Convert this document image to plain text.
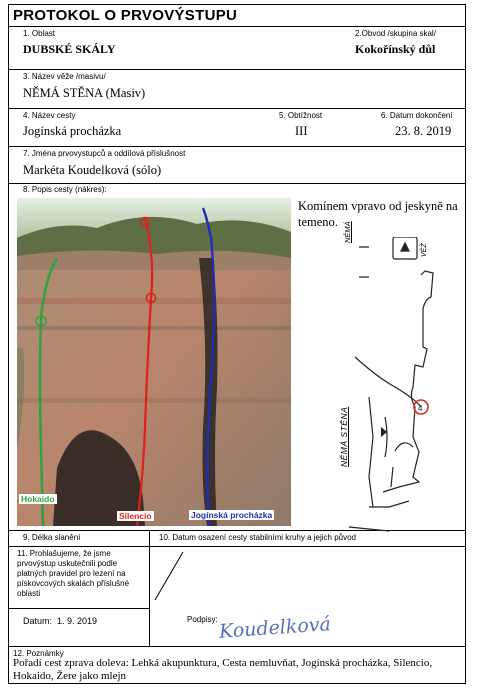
PROTOKOL O PRVOVÝSTUPU
1. Oblast
DUBSKÉ SKÁLY
2.Obvod /skupina skal/
Kokořínský důl
3. Název věže /masivu/
NĚMÁ STĚNA (Masiv)
4. Název cesty
Jogínská procházka
5. Obtížnost
III
6. Datum dokončení
23. 8. 2019
7. Jména prvovystupců a oddílová příslušnost
Markéta Koudelková (sólo)
8. Popis cesty (nákres):
Hokaido
Silencio	Jogínská procházka
Komínem vpravo od jeskyně na temeno.
4
NĚMÁ
VĚŽ
NĚMÁ STĚNA
9. Délka slanění	10. Datum osazení cesty stabilními kruhy a jejich původ
11. Prohlašujeme, že jsme prvovýstup uskutečnili podle platných pravidel pro lezení na pískovcových skalách příslušné oblasti
Datum: 1. 9. 2019	Podpisy: Koudelková
12. Poznámky
Pořadí cest zprava doleva: Lehká akupunktura, Cesta nemluvňat, Jogínská procházka, Silencio, Hokaido, Žere jako mlejn
